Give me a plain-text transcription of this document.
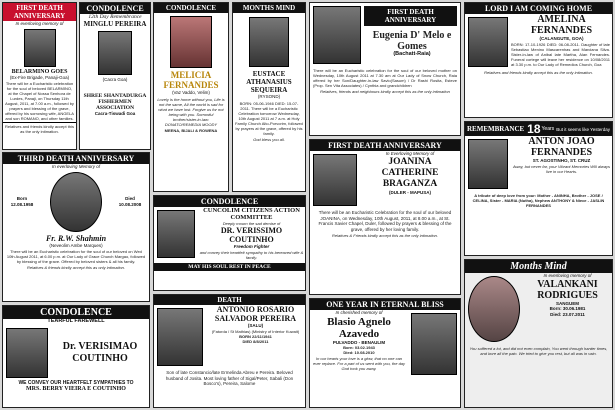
FIRST DEATH ANNIVERSARY
In everloving memory of
BELARMINO GOES
(Ex-Fire Brigade, Panaji-Goa)
There will be a Eucharistic celebration for the soul of beloved BELARMINO, at the Chapel of Nossa Senhora de Lurdes, Panaji, on Thursday 11th August, 2011, at 7.00 a.m., followed by prayers and blessing of the grave, offered by his sorrowing wife, ANGELA and son ROMANO, and other families.
Relatives and friends kindly accept this as the only intimation.
CONDOLENCE
12th Day Remembrance
MINGLU PEREIRA
(Cacra Goa)
SHREE SHANTADURGA FISHERMEN ASSOCIATION
Cacra-Tiswadi Goa
CONDOLENCE
MELICIA FERNANDES
(Vaz Vaddo, Velim)
Lovely is the home without you, Life is not the same, All the world is sad for what we have lost. Forgive us for not being with you. Sorrowful brother/sister-in-law: DONATO/REMEDIA MOODY
MEENA, BIJALI & ROWENA
MONTHS MIND
EUSTACE ATHANASIUS SEQUEIRA
(RYSOND)
BORN: 05-06-1946 DIED: 15-07-2011. There will be a Eucharistic Celebration tomorrow Wednesday, 10th August 2011 at 7 a.m. at Holy Family Church Alto-Porvorim, followed by prayers at the grave, offered by his family.
God bless you all.
FIRST DEATH ANNIVERSARY
Eugenia D' Melo e Gomes
(Bachatt-Raia)
There will be an Eucharistic celebration for the soul of our beloved mother on Wednesday, 10th August 2011 at 7.30 am at Our Lady of Snow Church, Raia offered by her Son/Daughter-in-law Savio(Sasum) / Dr Rashi Rosita, Esteve (Prop. Sen Vita Associates) / Cynthia and grandchildren
Relatives, friends and neighbours kindly accept this as the only intimation
LORD I AM COMING HOME
AMELINA FERNANDES
(CALANGUTE, GOA)
BORN: 17-10-1926 DIED: 06-08-2011. Daughter of late Sebastiao Menino Mascarenhas and Marciana Silva. Sister-in-law of Anibal late Martha, Alan Fernandes. Funeral cortege will leave her residence on 10/08/2011 at 3.30 p.m. to Our Lady of Remedios Church, Goa
Relatives and friends kindly accept this as the only intimation.
THIRD DEATH ANNIVERSARY
In everloving Memory of
Born 12.08.1958
Died 10.08.2008
Fr. R.W. Shahmin
(Neveolim Ambe Marques)
There will be an Eucharistic celebration for the soul of our beloved on Wed 10th August 2011, at 6.00 p.m. at Our Lady of Grace Church Margao, followed by blessing of the grave. Offered by beloved sisters & all his family.
Relatives & friends kindly accept this as only intimation.
CONDOLENCE
CUNCOLIM CITIZENS ACTION COMMITTEE
Deeply mourn the sad demise of
DR. VERISSIMO COUTINHO
Freedom Fighter
and convey their heartfelt sympathy to his bereaved wife & family.
MAY HIS SOUL REST IN PEACE
FIRST DEATH ANNIVERSARY
In Everloving Memory of
JOANINA CATHERINE BRAGANZA
(DULER - MAPUSA)
There will be an Eucharistic Celebration for the soul of our beloved JOANINA, on Wednesday, 10th August, 2011, at 8.00 a.m., at St. Francis Xavier Chapel, Duler, followed by prayers & blessing of the grave, offered by her loving family.
Relatives & Friends kindly accept this as the only intimation.
REMEMBRANCE 18 Years But it seems like Yesterday
ANTON JOAO FERNANDES
ST. AGOSTINHO, ST. CRUZ
Away, but never far, your Vibrant Memories Will always live in our Hearts.
A tribute of deep love from your: Mother - ANINHA, Brother - JOSE / CELINA, Sister - MARIA (Nutha), Nephew ANTHONY & Niece - JASLIN FERNANDES
CONDOLENCE
TEARFUL FAREWELL
Dr. VERISIMAO COUTINHO
WE CONVEY OUR HEARTFELT SYMPATHIES TO
MRS. BERRY VIEIRA E COUTINHO
DEATH
ANTONIO ROSARIO SALVADOR PEREIRA
(SALU)
(Fatorda / St Mathias) (Ministry of Interior Kuwait)
BORN 22/11/1941
DIED 8/8/2011
Son of late Constancio/late Ermelinda Abreu e Pereira. Beloved husband of Josita. Most loving father of Sigal/Peter, Sabali (Don Bosco's), Pereira, Salome
ONE YEAR IN ETERNAL BLISS
In cherished memory of
Blasio Agnelo Azavedo
PULVADDO - BENAULIM
Born: 03.02.1943
Died: 10.08.2010
In our hearts your love is a glow, that no one can ever replace. For a part of us went with you, the day God took you away.
Months Mind
In everloving memory of
VALANKANI RODRIGUES
SANGUEM
Born: 30.06.1981
Died: 23.07.2011
You suffered a lot, and did not even complain, You went through harder times, and bore all the pain. We tried to give you rest, but all was in vain.
